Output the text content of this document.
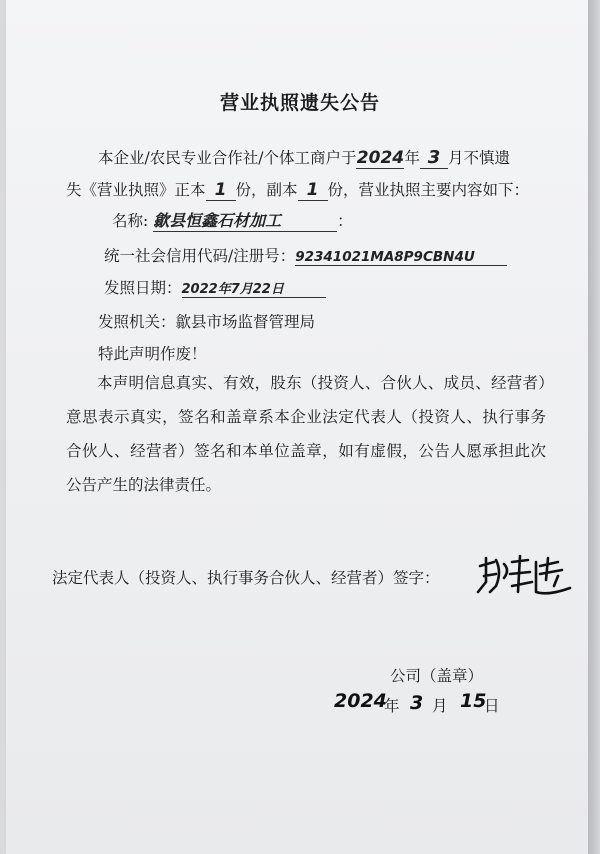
营业执照遗失公告
本企业/农民专业合作社/个体工商户于2024年 3 月不慎遗
失《营业执照》正本 1 份，副本 1 份，营业执照主要内容如下：
名称: 歙县恒鑫石材加工	：
统一社会信用代码/注册号：92341021MA8P9CBN4U
发照日期：2022年7月22日
发照机关：歙县市场监督管理局
特此声明作废！
本声明信息真实、有效，股东（投资人、合伙人、成员、经营者）意思表示真实，签名和盖章系本企业法定代表人（投资人、执行事务合伙人、经营者）签名和本单位盖章，如有虚假，公告人愿承担此次公告产生的法律责任。
法定代表人（投资人、执行事务合伙人、经营者）签字：
公司（盖章）
2024
年 3 月 15
日
